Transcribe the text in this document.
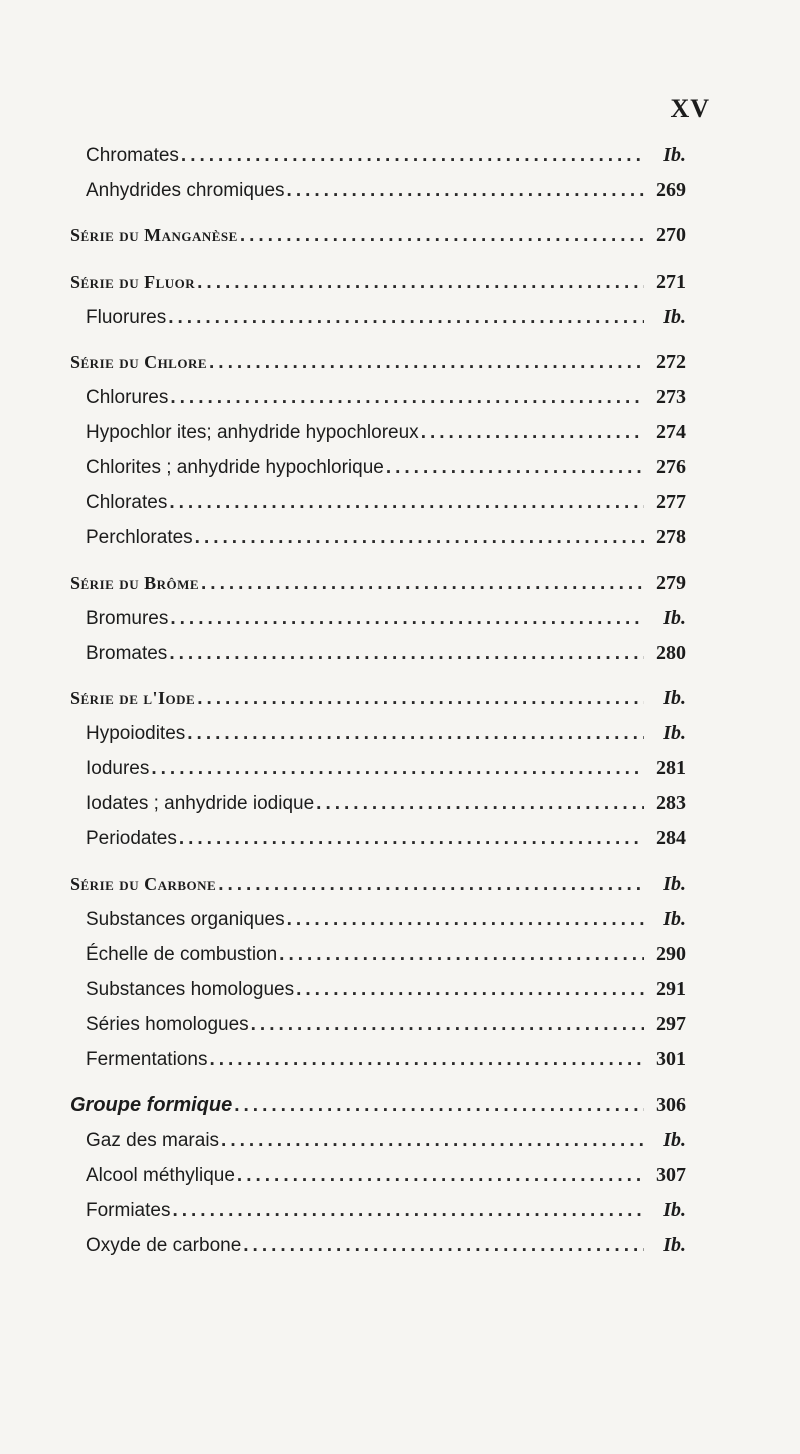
XV
Chromates .....	Ib.
Anhydrides chromiques .....	269
Série du Manganèse .....	270
Série du Fluor .....	271
Fluorures .....	Ib.
Série du Chlore .....	272
Chlorures .....	273
Hypochlor ites; anhydride hypochloreux .....	274
Chlorites ; anhydride hypochlorique .....	276
Chlorates .....	277
Perchlorates .....	278
Série du Brôme .....	279
Bromures .....	Ib.
Bromates .....	280
Série de l'Iode .....	Ib.
Hypoiodites .....	Ib.
Iodures .....	281
Iodates ; anhydride iodique .....	283
Periodates .....	284
Série du Carbone .....	Ib.
Substances organiques .....	Ib.
Échelle de combustion .....	290
Substances homologues .....	291
Séries homologues .....	297
Fermentations .....	301
Groupe formique .....	306
Gaz des marais .....	Ib.
Alcool méthylique .....	307
Formiates .....	Ib.
Oxyde de carbone .....	Ib.
